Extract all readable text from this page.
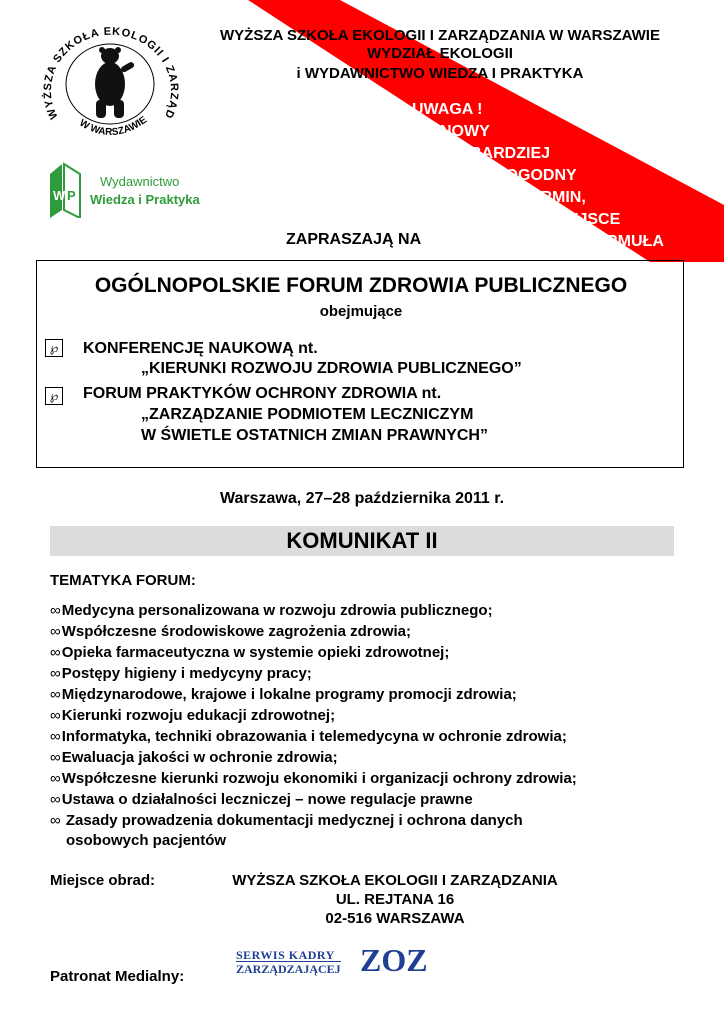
WYŻSZA SZKOŁA EKOLOGII I ZARZĄD
W WARSZAWIE
W P
Wydawnictwo
Wiedza i Praktyka
WYŻSZA SZKOŁA EKOLOGII I ZARZĄDZANIA W WARSZAWIE
WYDZIAŁ EKOLOGII
i WYDAWNICTWO WIEDZA I PRAKTYKA
UWAGA !
NOWY
BARDZIEJ
DOGODNY
TERMIN,
MIEJSCE
I FORMUŁA
ZAPRASZAJĄ NA
OGÓLNOPOLSKIE FORUM ZDROWIA PUBLICZNEGO
obejmujące
℘	KONFERENCJĘ NAUKOWĄ nt.
„KIERUNKI ROZWOJU ZDROWIA PUBLICZNEGO”
℘	FORUM PRAKTYKÓW OCHRONY ZDROWIA nt.
„ZARZĄDZANIE PODMIOTEM LECZNICZYM
W ŚWIETLE OSTATNICH ZMIAN PRAWNYCH”
Warszawa, 27–28 października 2011 r.
KOMUNIKAT II
TEMATYKA FORUM:
∞Medycyna personalizowana w rozwoju zdrowia publicznego;
∞Współczesne środowiskowe zagrożenia zdrowia;
∞Opieka farmaceutyczna w systemie opieki zdrowotnej;
∞Postępy higieny i medycyny pracy;
∞Międzynarodowe, krajowe i lokalne programy promocji zdrowia;
∞Kierunki rozwoju edukacji zdrowotnej;
∞Informatyka, techniki obrazowania i telemedycyna w ochronie zdrowia;
∞Ewaluacja jakości w ochronie zdrowia;
∞Współczesne kierunki rozwoju ekonomiki i organizacji ochrony zdrowia;
∞Ustawa o działalności leczniczej – nowe regulacje prawne
∞ Zasady prowadzenia dokumentacji medycznej i ochrona danych
osobowych pacjentów
Miejsce obrad:	WYŻSZA SZKOŁA EKOLOGII I ZARZĄDZANIA
UL. REJTANA 16
02-516 WARSZAWA
Patronat Medialny:
SERWIS KADRY
ZARZĄDZAJĄCEJ ZOZ
